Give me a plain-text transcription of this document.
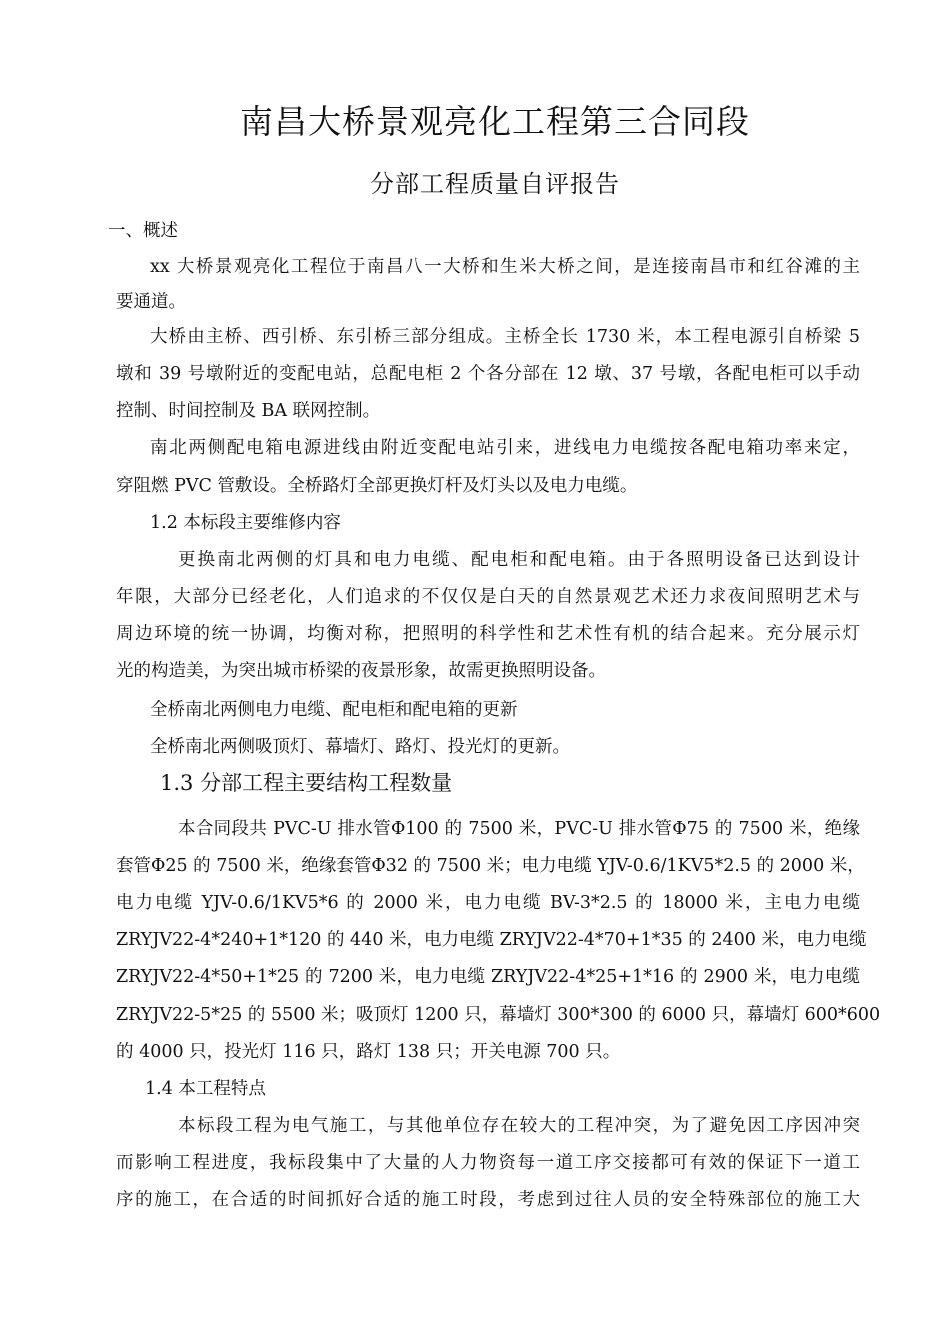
南昌大桥景观亮化工程第三合同段
分部工程质量自评报告
一、概述
xx 大桥景观亮化工程位于南昌八一大桥和生米大桥之间，是连接南昌市和红谷滩的主
要通道。
大桥由主桥、西引桥、东引桥三部分组成。主桥全长 1730 米，本工程电源引自桥梁 5
墩和 39 号墩附近的变配电站，总配电柜 2 个各分部在 12 墩、37 号墩，各配电柜可以手动
控制、时间控制及 BA 联网控制。
南北两侧配电箱电源进线由附近变配电站引来，进线电力电缆按各配电箱功率来定，
穿阻燃 PVC 管敷设。全桥路灯全部更换灯杆及灯头以及电力电缆。
1.2 本标段主要维修内容
更换南北两侧的灯具和电力电缆、配电柜和配电箱。由于各照明设备已达到设计
年限，大部分已经老化，人们追求的不仅仅是白天的自然景观艺术还力求夜间照明艺术与
周边环境的统一协调，均衡对称，把照明的科学性和艺术性有机的结合起来。充分展示灯
光的构造美，为突出城市桥梁的夜景形象，故需更换照明设备。
全桥南北两侧电力电缆、配电柜和配电箱的更新
全桥南北两侧吸顶灯、幕墙灯、路灯、投光灯的更新。
1.3 分部工程主要结构工程数量
本合同段共 PVC-U 排水管Φ100 的 7500 米，PVC-U 排水管Φ75 的 7500 米，绝缘
套管Φ25 的 7500 米，绝缘套管Φ32 的 7500 米；电力电缆 YJV-0.6/1KV5*2.5 的 2000 米，
电力电缆 YJV-0.6/1KV5*6 的 2000 米，电力电缆 BV-3*2.5 的 18000 米，主电力电缆
ZRYJV22-4*240+1*120 的 440 米，电力电缆 ZRYJV22-4*70+1*35 的 2400 米，电力电缆
ZRYJV22-4*50+1*25 的 7200 米，电力电缆 ZRYJV22-4*25+1*16 的 2900 米，电力电缆
ZRYJV22-5*25 的 5500 米；吸顶灯 1200 只，幕墙灯 300*300 的 6000 只，幕墙灯 600*600
的 4000 只，投光灯 116 只，路灯 138 只；开关电源 700 只。
1.4 本工程特点
本标段工程为电气施工，与其他单位存在较大的工程冲突，为了避免因工序因冲突
而影响工程进度，我标段集中了大量的人力物资每一道工序交接都可有效的保证下一道工
序的施工，在合适的时间抓好合适的施工时段，考虑到过往人员的安全特殊部位的施工大
